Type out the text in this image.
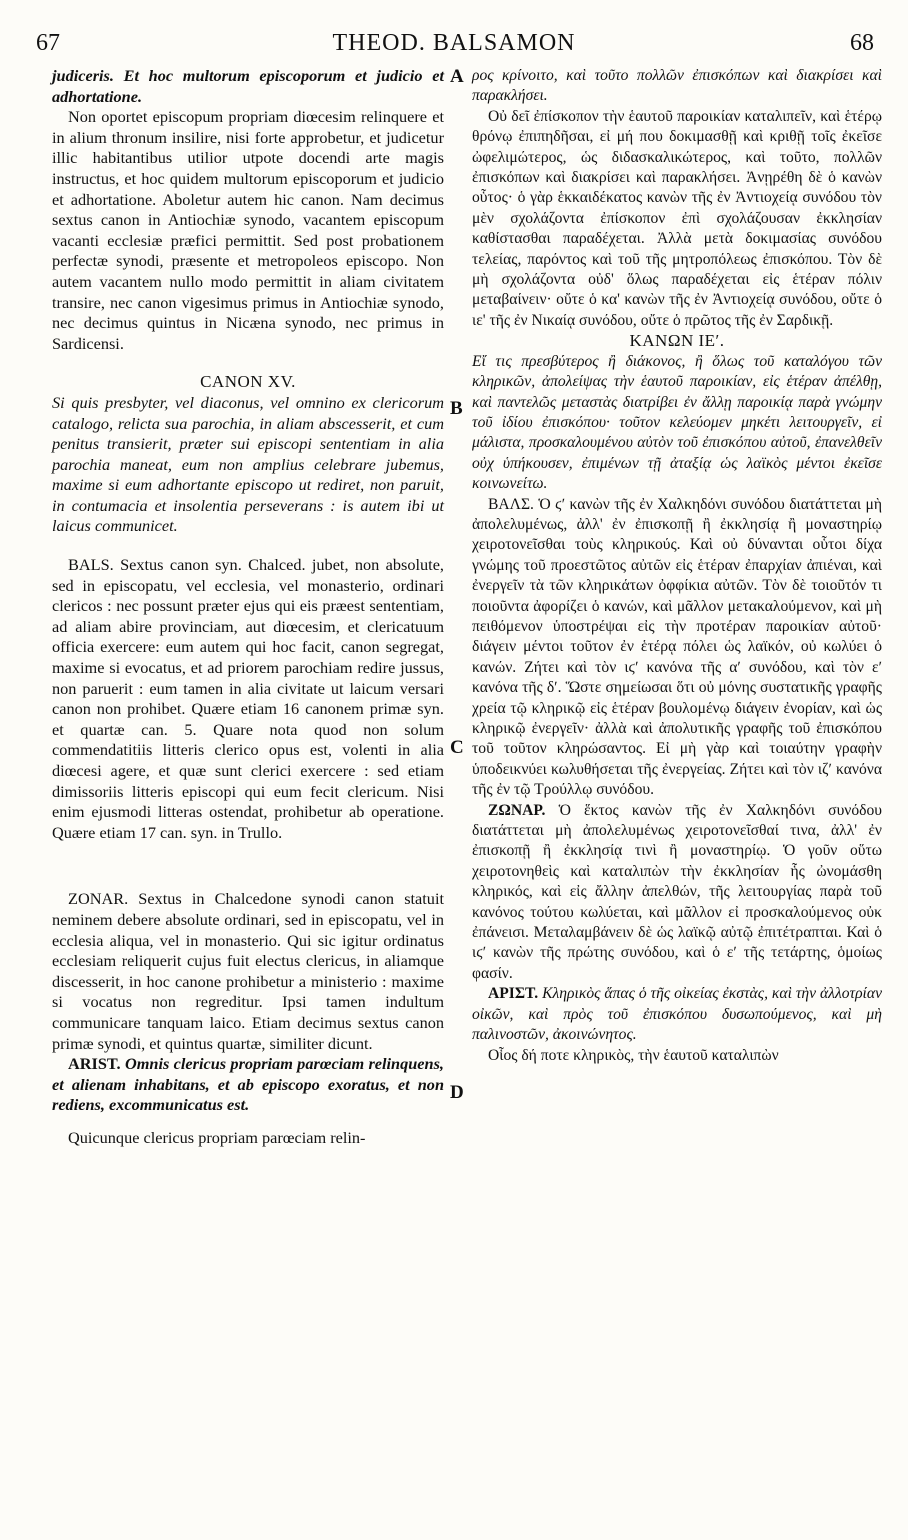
67	THEOD. BALSAMON	68
A
B
C
D

judiceris. Et hoc multorum episcoporum et judicio et adhortatione.

Non oportet episcopum propriam diœcesim relinquere et in alium thronum insilire, nisi forte approbetur, et judicetur illic habitantibus utilior utpote docendi arte magis instructus, et hoc quidem multorum episcoporum et judicio et adhortatione. Aboletur autem hic canon. Nam decimus sextus canon in Antiochiæ synodo, vacantem episcopum vacanti ecclesiæ præfici permittit. Sed post probationem perfectæ synodi, præsente et metropoleos episcopo. Non autem vacantem nullo modo permittit in aliam civitatem transire, nec canon vigesimus primus in Antiochiæ synodo, nec decimus quintus in Nicæna synodo, nec primus in Sardicensi.

CANON XV.

Si quis presbyter, vel diaconus, vel omnino ex clericorum catalogo, relicta sua parochia, in aliam abscesserit, et cum penitus transierit, præter sui episcopi sententiam in alia parochia maneat, eum non amplius celebrare jubemus, maxime si eum adhortante episcopo ut rediret, non paruit, in contumacia et insolentia perseverans : is autem ibi ut laicus communicet.

BALS. Sextus canon syn. Chalced. jubet, non absolute, sed in episcopatu, vel ecclesia, vel monasterio, ordinari clericos : nec possunt præter ejus qui eis præest sententiam, ad aliam abire provinciam, aut diœcesim, et clericatuum officia exercere: eum autem qui hoc facit, canon segregat, maxime si evocatus, et ad priorem parochiam redire jussus, non paruerit : eum tamen in alia civitate ut laicum versari canon non prohibet. Quære etiam 16 canonem primæ syn. et quartæ can. 5. Quare nota quod non solum commendatitiis litteris clerico opus est, volenti in alia diœcesi agere, et quæ sunt clerici exercere : sed etiam dimissoriis litteris episcopi qui eum fecit clericum. Nisi enim ejusmodi litteras ostendat, prohibetur ab operatione. Quære etiam 17 can. syn. in Trullo.

ZONAR. Sextus in Chalcedone synodi canon statuit neminem debere absolute ordinari, sed in episcopatu, vel in ecclesia aliqua, vel in monasterio. Qui sic igitur ordinatus ecclesiam reliquerit cujus fuit electus clericus, in aliamque discesserit, in hoc canone prohibetur a ministerio : maxime si vocatus non regreditur. Ipsi tamen indultum communicare tanquam laico. Etiam decimus sextus canon primæ synodi, et quintus quartæ, similiter dicunt.

ARIST. Omnis clericus propriam parœciam relinquens, et alienam inhabitans, et ab episcopo exoratus, et non rediens, excommunicatus est.

Quicunque clericus propriam parœciam relin-

ρος κρίνοιτο, καὶ τοῦτο πολλῶν ἐπισκόπων καὶ διακρίσει καὶ παρακλήσει.

Οὐ δεῖ ἐπίσκοπον τὴν ἑαυτοῦ παροικίαν καταλιπεῖν, καὶ ἑτέρῳ θρόνῳ ἐπιπηδῆσαι, εἰ μή που δοκιμασθῇ καὶ κριθῇ τοῖς ἐκεῖσε ὠφελιμώτερος, ὡς διδασκαλικώτερος, καὶ τοῦτο, πολλῶν ἐπισκόπων καὶ διακρίσει καὶ παρακλήσει. Ἀνῃρέθη δὲ ὁ κανὼν οὗτος· ὁ γὰρ ἑκκαιδέκατος κανὼν τῆς ἐν Ἀντιοχείᾳ συνόδου τὸν μὲν σχολάζοντα ἐπίσκοπον ἐπὶ σχολάζουσαν ἐκκλησίαν καθίστασθαι παραδέχεται. Ἀλλὰ μετὰ δοκιμασίας συνόδου τελείας, παρόντος καὶ τοῦ τῆς μητροπόλεως ἐπισκόπου. Τὸν δὲ μὴ σχολάζοντα οὐδ' ὅλως παραδέχεται εἰς ἑτέραν πόλιν μεταβαίνειν· οὔτε ὁ κα' κανὼν τῆς ἐν Ἀντιοχείᾳ συνόδου, οὔτε ὁ ιε' τῆς ἐν Νικαίᾳ συνόδου, οὔτε ὁ πρῶτος τῆς ἐν Σαρδικῇ.

ΚΑΝΩΝ ΙΕʹ.

Εἴ τις πρεσβύτερος ἢ διάκονος, ἢ ὅλως τοῦ καταλόγου τῶν κληρικῶν, ἀπολείψας τὴν ἑαυτοῦ παροικίαν, εἰς ἑτέραν ἀπέλθῃ, καὶ παντελῶς μεταστὰς διατρίβει ἐν ἄλλῃ παροικίᾳ παρὰ γνώμην τοῦ ἰδίου ἐπισκόπου· τοῦτον κελεύομεν μηκέτι λειτουργεῖν, εἰ μάλιστα, προσκαλουμένου αὐτὸν τοῦ ἐπισκόπου αὐτοῦ, ἐπανελθεῖν οὐχ ὑπήκουσεν, ἐπιμένων τῇ ἀταξίᾳ ὡς λαϊκὸς μέντοι ἐκεῖσε κοινωνείτω.

ΒΑΛΣ. Ὁ ϛʹ κανὼν τῆς ἐν Χαλκηδόνι συνόδου διατάττεται μὴ ἀπολελυμένως, ἀλλ' ἐν ἐπισκοπῇ ἢ ἐκκλησίᾳ ἢ μοναστηρίῳ χειροτονεῖσθαι τοὺς κληρικούς. Καὶ οὐ δύνανται οὗτοι δίχα γνώμης τοῦ προεστῶτος αὐτῶν εἰς ἑτέραν ἐπαρχίαν ἀπιέναι, καὶ ἐνεργεῖν τὰ τῶν κληρικάτων ὀφφίκια αὐτῶν. Τὸν δὲ τοιοῦτόν τι ποιοῦντα ἀφορίζει ὁ κανών, καὶ μᾶλλον μετακαλούμενον, καὶ μὴ πειθόμενον ὑποστρέψαι εἰς τὴν προτέραν παροικίαν αὐτοῦ· διάγειν μέντοι τοῦτον ἐν ἑτέρᾳ πόλει ὡς λαϊκόν, οὐ κωλύει ὁ κανών. Ζήτει καὶ τὸν ιϛʹ κανόνα τῆς αʹ συνόδου, καὶ τὸν εʹ κανόνα τῆς δʹ. Ὥστε σημείωσαι ὅτι οὐ μόνης συστατικῆς γραφῆς χρεία τῷ κληρικῷ εἰς ἑτέραν βουλομένῳ διάγειν ἐνορίαν, καὶ ὡς κληρικῷ ἐνεργεῖν· ἀλλὰ καὶ ἀπολυτικῆς γραφῆς τοῦ ἐπισκόπου τοῦ τοῦτον κληρώσαντος. Εἰ μὴ γὰρ καὶ τοιαύτην γραφὴν ὑποδεικνύει κωλυθήσεται τῆς ἐνεργείας. Ζήτει καὶ τὸν ιζʹ κανόνα τῆς ἐν τῷ Τρούλλῳ συνόδου.

ΖΩΝΑΡ. Ὁ ἕκτος κανὼν τῆς ἐν Χαλκηδόνι συνόδου διατάττεται μὴ ἀπολελυμένως χειροτονεῖσθαί τινα, ἀλλ' ἐν ἐπισκοπῇ ἢ ἐκκλησίᾳ τινὶ ἢ μοναστηρίῳ. Ὁ γοῦν οὕτω χειροτονηθεὶς καὶ καταλιπὼν τὴν ἐκκλησίαν ἧς ὠνομάσθη κληρικός, καὶ εἰς ἄλλην ἀπελθών, τῆς λειτουργίας παρὰ τοῦ κανόνος τούτου κωλύεται, καὶ μᾶλλον εἰ προσκαλούμενος οὐκ ἐπάνεισι. Μεταλαμβάνειν δὲ ὡς λαϊκῷ αὐτῷ ἐπιτέτραπται. Καὶ ὁ ιϛʹ κανὼν τῆς πρώτης συνόδου, καὶ ὁ εʹ τῆς τετάρτης, ὁμοίως φασίν.

ΑΡΙΣΤ. Κληρικὸς ἅπας ὁ τῆς οἰκείας ἐκστὰς, καὶ τὴν ἀλλοτρίαν οἰκῶν, καὶ πρὸς τοῦ ἐπισκόπου δυσωπούμενος, καὶ μὴ παλινοστῶν, ἀκοινώνητος.

Οἷος δή ποτε κληρικὸς, τὴν ἑαυτοῦ καταλιπὼν
